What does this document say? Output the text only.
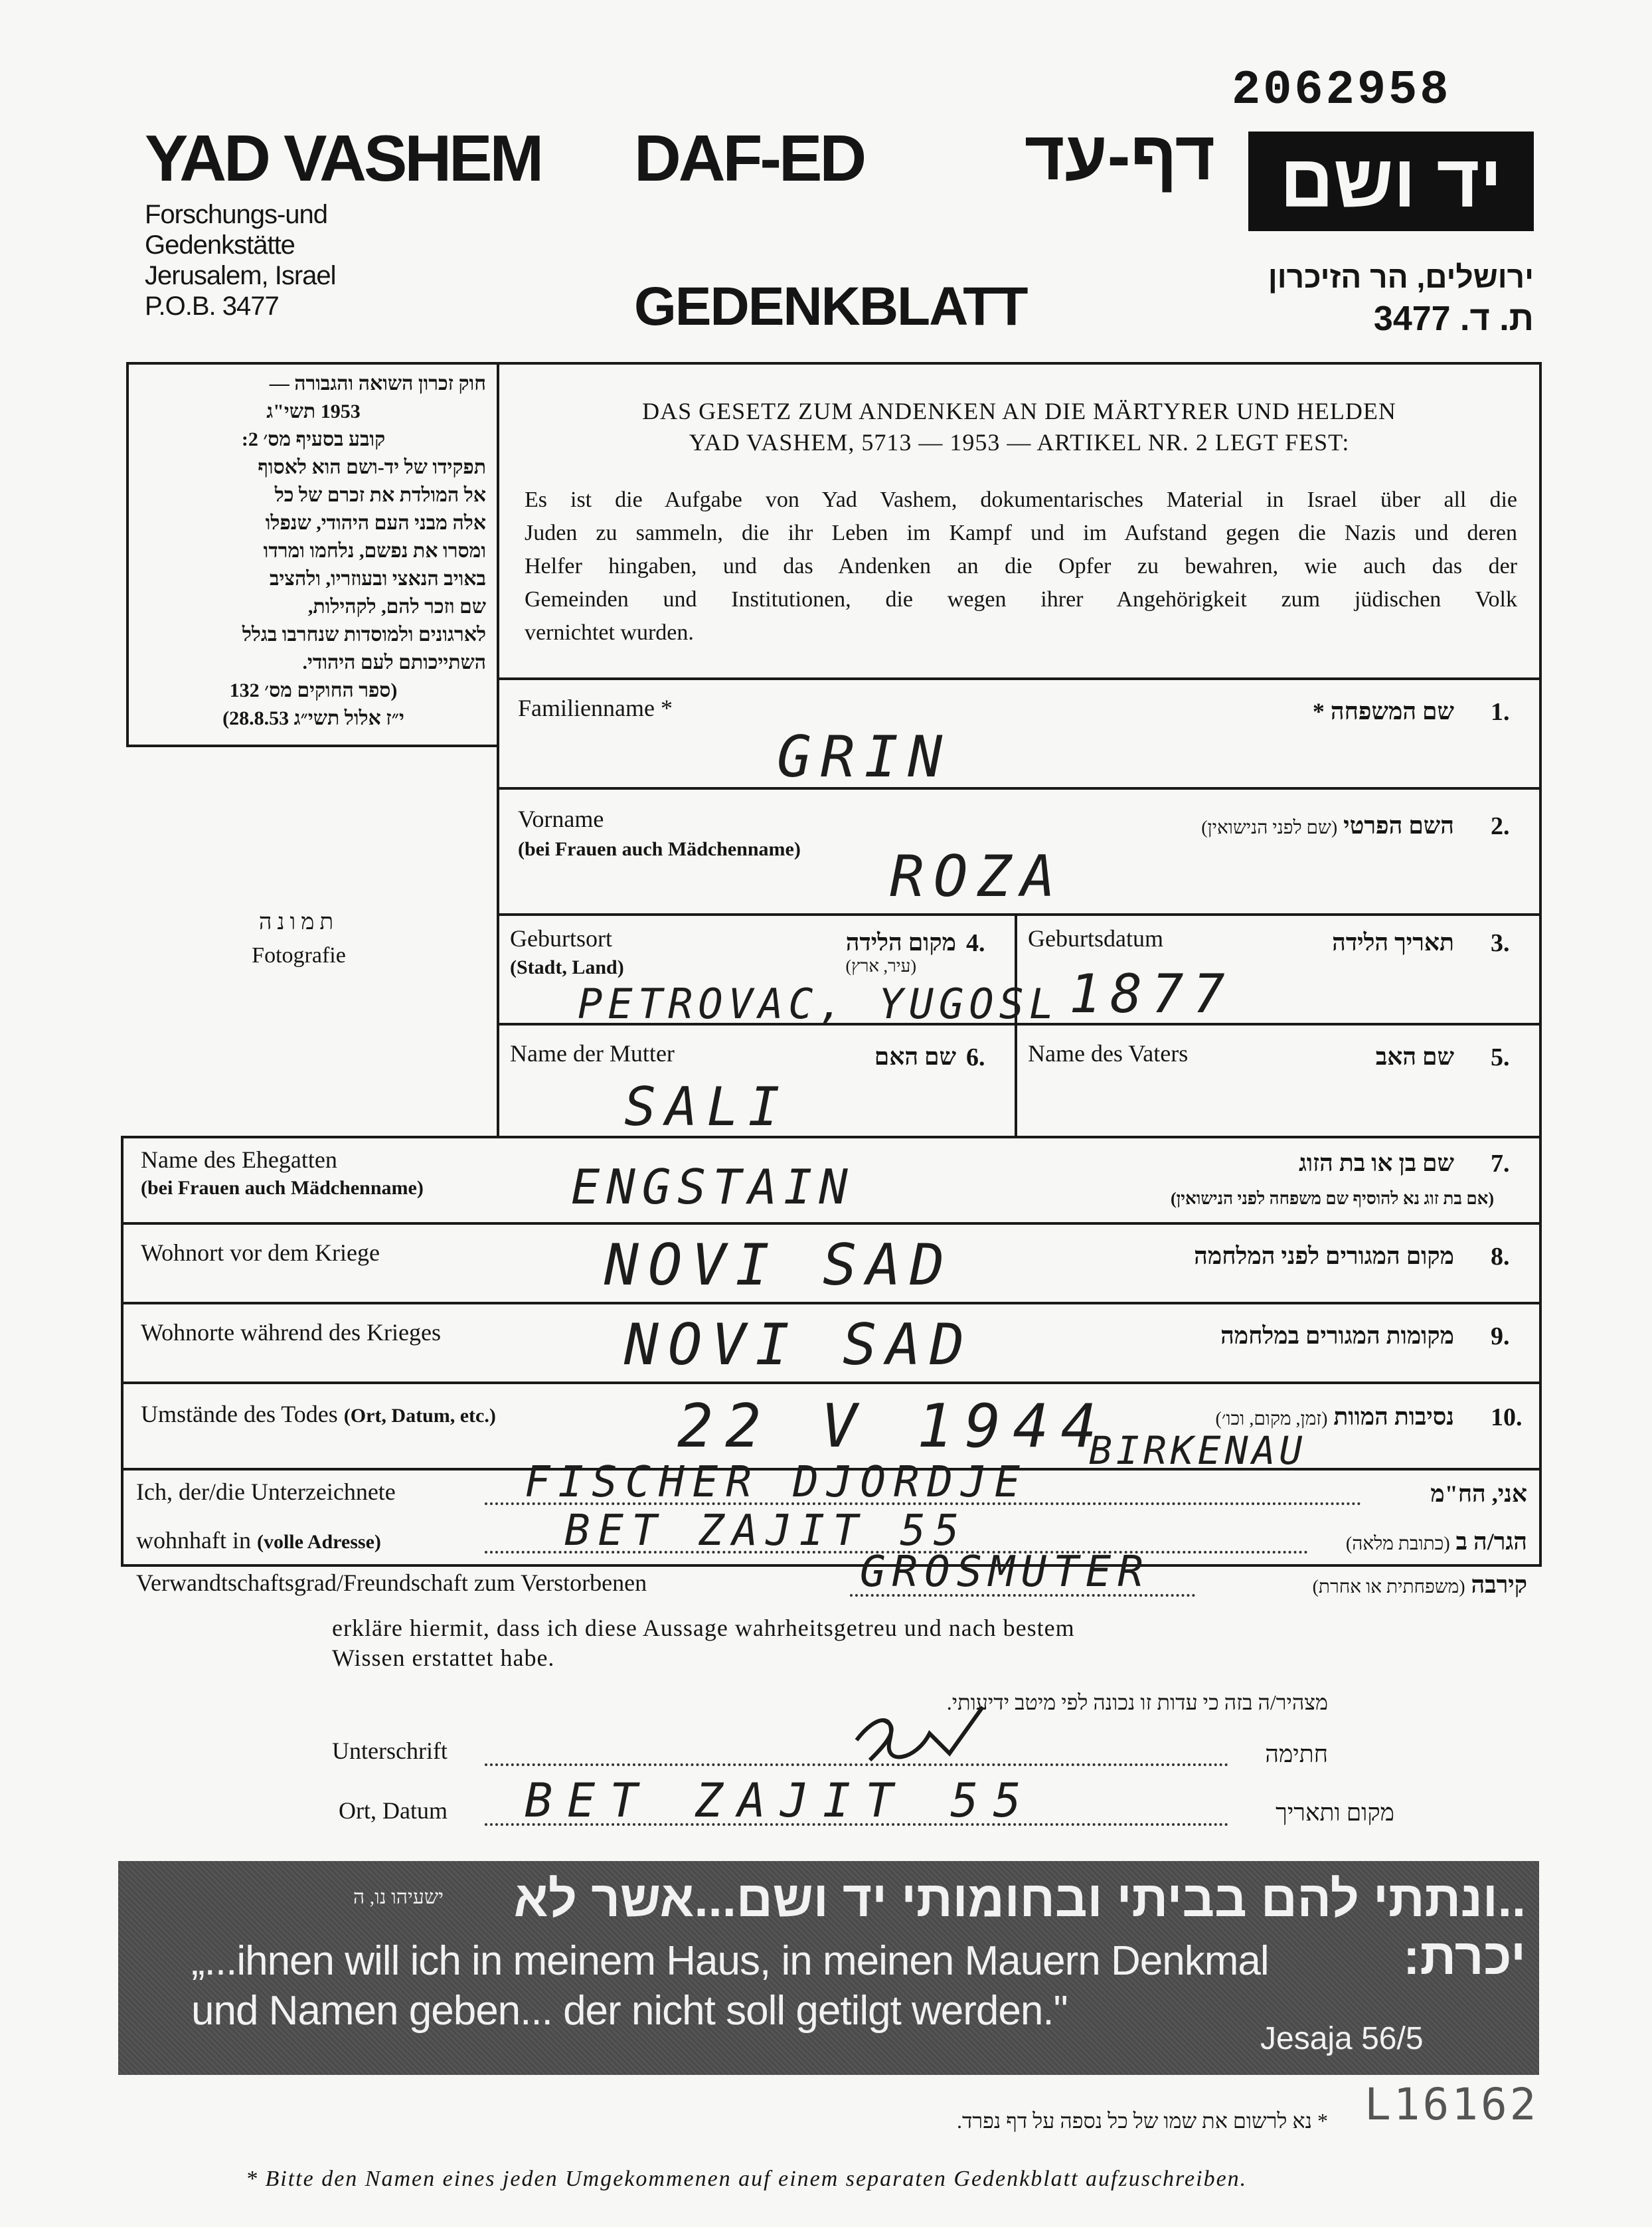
2062958
YAD VASHEM DAF-ED	דף-עד יד ושם
Forschungs-und
Gedenkstätte
Jerusalem, Israel
P.O.B. 3477	GEDENKBLATT	ירושלים, הר הזיכרון
ת. ד. 3477
חוק זכרון השואה והגבורה —
1953 תשי"ג
קובע בסעיף מס׳ 2:
תפקידו של יד-ושם הוא לאסוף
אל המולדת את זכרם של כל
אלה מבני העם היהודי, שנפלו
ומסרו את נפשם, נלחמו ומרדו
באויב הנאצי ובעוזריו, ולהציב
שם וזכר להם, לקהילות,
לארגונים ולמוסדות שנחרבו בגלל
השתייכותם לעם היהודי.
(ספר החוקים מס׳ 132
י״ז אלול תשי״ג 28.8.53)
תמונה
Fotografie
DAS GESETZ ZUM ANDENKEN AN DIE MÄRTYRER UND HELDEN
YAD VASHEM, 5713 — 1953 — ARTIKEL NR. 2 LEGT FEST:
Es ist die Aufgabe von Yad Vashem, dokumentarisches Material in Israel über all die
Juden zu sammeln, die ihr Leben im Kampf und im Aufstand gegen die Nazis und deren
Helfer hingaben, und das Andenken an die Opfer zu bewahren, wie auch das der
Gemeinden und Institutionen, die wegen ihrer Angehörigkeit zum jüdischen Volk
vernichtet wurden.
Familienname *	שם המשפחה * 1.
GRIN
Vorname
(bei Frauen auch Mädchenname)
השם הפרטי (שם לפני הנישואין)	2.
ROZA
Geburtsort
(Stadt, Land)
מקום הלידה
(עיר, ארץ)
4.
PETROVAC, YUGOSL
Geburtsdatum	תאריך הלידה 3.
1877
Name der Mutter	שם האם 6.
SALI
Name des Vaters	שם האב 5.
Name des Ehegatten
(bei Frauen auch Mädchenname)
שם בן או בת הזוג
(אם בת זוג נא להוסיף שם משפחה לפני הנישואין)
7.
ENGSTAIN
Wohnort vor dem Kriege	מקום המגורים לפני המלחמה 8.
NOVI SAD
Wohnorte während des Krieges	מקומות המגורים במלחמה 9.
NOVI SAD
Umstände des Todes (Ort, Datum, etc.)	נסיבות המוות (זמן, מקום, וכו׳)	10.
22 V 1944
BIRKENAU
Ich, der/die Unterzeichnete	FISCHER DJORDJE	אני, הח"מ
wohnhaft in (volle Adresse)	BET ZAJIT 55	הגר/ה ב (כתובת מלאה)
Verwandtschaftsgrad/Freundschaft zum Verstorbenen	GROSMUTER	קירבה (משפחתית או אחרת)
erkläre hiermit, dass ich diese Aussage wahrheitsgetreu und nach bestem
Wissen erstattet habe.
מצהיר/ה בזה כי עדות זו נכונה לפי מיטב ידיעותי.
Unterschrift	חתימה
Ort, Datum BET ZAJIT 55	מקום ותאריך
..ונתתי להם בביתי ובחומותי יד ושם...אשר לא יכרת:
ישעיהו נו, ה
„...ihnen will ich in meinem Haus, in meinen Mauern Denkmal
und Namen geben... der nicht soll getilgt werden."
Jesaja 56/5
* נא לרשום את שמו של כל נספה על דף נפרד.
* Bitte den Namen eines jeden Umgekommenen auf einem separaten Gedenkblatt aufzuschreiben.
L16162
